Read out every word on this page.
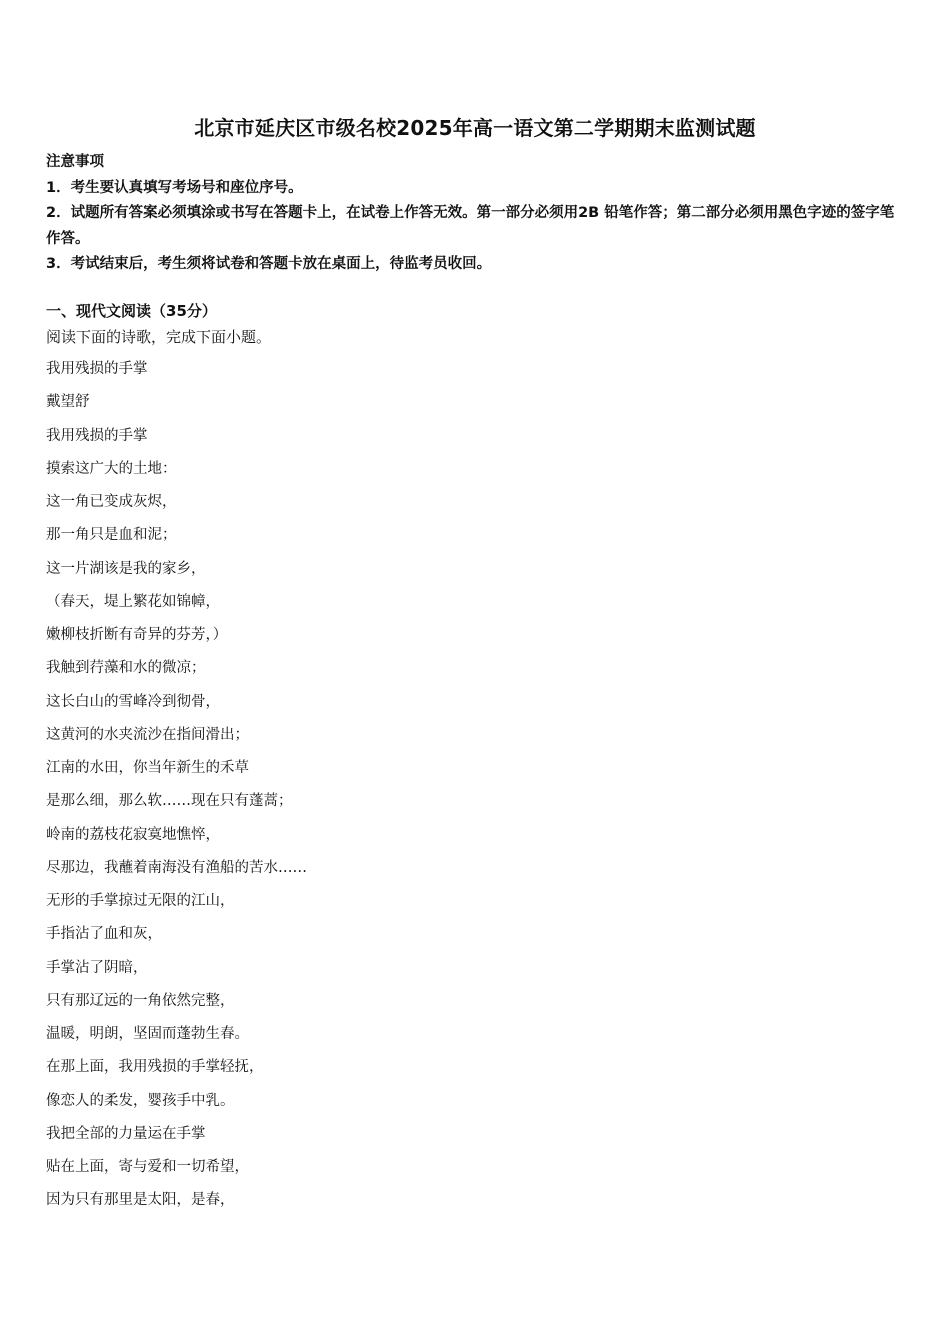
北京市延庆区市级名校2025年高一语文第二学期期末监测试题

注意事项

1．考生要认真填写考场号和座位序号。

2．试题所有答案必须填涂或书写在答题卡上，在试卷上作答无效。第一部分必须用2B 铅笔作答；第二部分必须用黑色字迹的签字笔作答。

3．考试结束后，考生须将试卷和答题卡放在桌面上，待监考员收回。

一、现代文阅读（35分）

阅读下面的诗歌，完成下面小题。

我用残损的手掌

戴望舒

我用残损的手掌

摸索这广大的土地：

这一角已变成灰烬，

那一角只是血和泥；

这一片湖该是我的家乡，

（春天，堤上繁花如锦幛，

嫩柳枝折断有奇异的芬芳，）

我触到荇藻和水的微凉；

这长白山的雪峰冷到彻骨，

这黄河的水夹流沙在指间滑出；

江南的水田，你当年新生的禾草

是那么细，那么软……现在只有蓬蒿；

岭南的荔枝花寂寞地憔悴，

尽那边，我蘸着南海没有渔船的苦水……

无形的手掌掠过无限的江山，

手指沾了血和灰，

手掌沾了阴暗，

只有那辽远的一角依然完整，

温暖，明朗，坚固而蓬勃生春。

在那上面，我用残损的手掌轻抚，

像恋人的柔发，婴孩手中乳。

我把全部的力量运在手掌

贴在上面，寄与爱和一切希望，

因为只有那里是太阳，是春，
